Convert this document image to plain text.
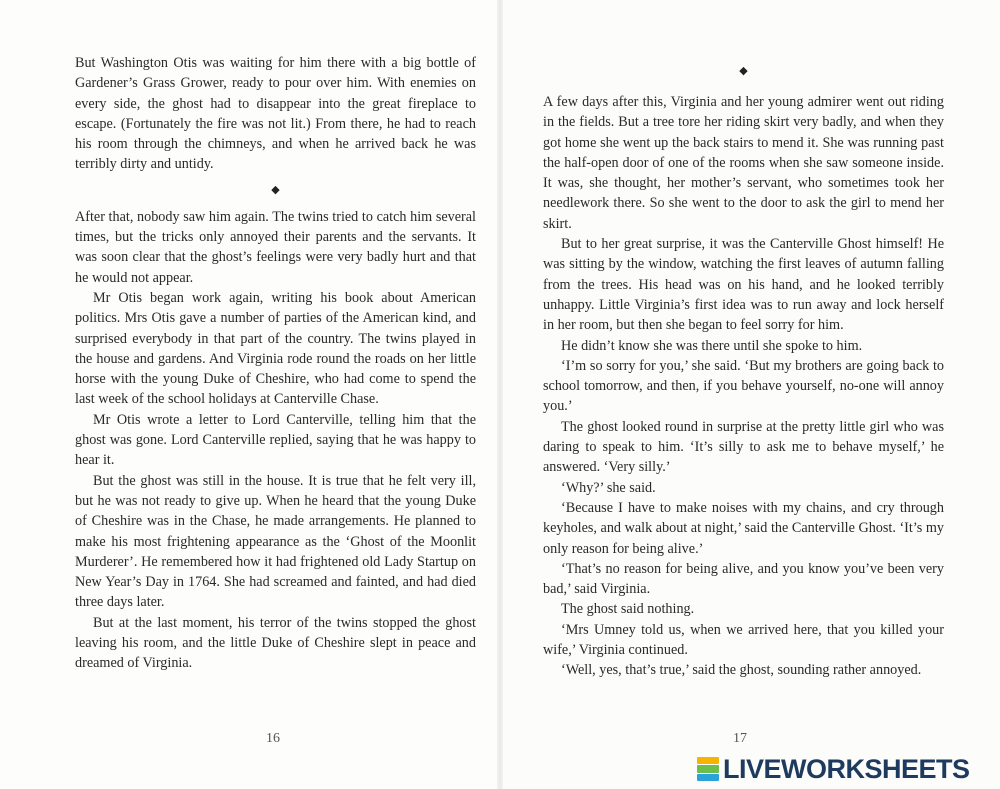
But Washington Otis was waiting for him there with a big bottle of Gardener’s Grass Grower, ready to pour over him. With enemies on every side, the ghost had to disappear into the great fireplace to escape. (Fortunately the fire was not lit.) From there, he had to reach his room through the chimneys, and when he arrived back he was terribly dirty and untidy.

◆

After that, nobody saw him again. The twins tried to catch him several times, but the tricks only annoyed their parents and the servants. It was soon clear that the ghost’s feelings were very badly hurt and that he would not appear.

Mr Otis began work again, writing his book about American politics. Mrs Otis gave a number of parties of the American kind, and surprised everybody in that part of the country. The twins played in the house and gardens. And Virginia rode round the roads on her little horse with the young Duke of Cheshire, who had come to spend the last week of the school holidays at Canterville Chase.

Mr Otis wrote a letter to Lord Canterville, telling him that the ghost was gone. Lord Canterville replied, saying that he was happy to hear it.

But the ghost was still in the house. It is true that he felt very ill, but he was not ready to give up. When he heard that the young Duke of Cheshire was in the Chase, he made arrangements. He planned to make his most frightening appearance as the ‘Ghost of the Moonlit Murderer’. He remembered how it had frightened old Lady Startup on New Year’s Day in 1764. She had screamed and fainted, and had died three days later.

But at the last moment, his terror of the twins stopped the ghost leaving his room, and the little Duke of Cheshire slept in peace and dreamed of Virginia.

◆

A few days after this, Virginia and her young admirer went out riding in the fields. But a tree tore her riding skirt very badly, and when they got home she went up the back stairs to mend it. She was running past the half-open door of one of the rooms when she saw someone inside. It was, she thought, her mother’s servant, who sometimes took her needlework there. So she went to the door to ask the girl to mend her skirt.

But to her great surprise, it was the Canterville Ghost himself! He was sitting by the window, watching the first leaves of autumn falling from the trees. His head was on his hand, and he looked terribly unhappy. Little Virginia’s first idea was to run away and lock herself in her room, but then she began to feel sorry for him.

He didn’t know she was there until she spoke to him.

‘I’m so sorry for you,’ she said. ‘But my brothers are going back to school tomorrow, and then, if you behave yourself, no-one will annoy you.’

The ghost looked round in surprise at the pretty little girl who was daring to speak to him. ‘It’s silly to ask me to behave myself,’ he answered. ‘Very silly.’

‘Why?’ she said.

‘Because I have to make noises with my chains, and cry through keyholes, and walk about at night,’ said the Canterville Ghost. ‘It’s my only reason for being alive.’

‘That’s no reason for being alive, and you know you’ve been very bad,’ said Virginia.

The ghost said nothing.

‘Mrs Umney told us, when we arrived here, that you killed your wife,’ Virginia continued.

‘Well, yes, that’s true,’ said the ghost, sounding rather annoyed.

16	17
LIVEWORKSHEETS
